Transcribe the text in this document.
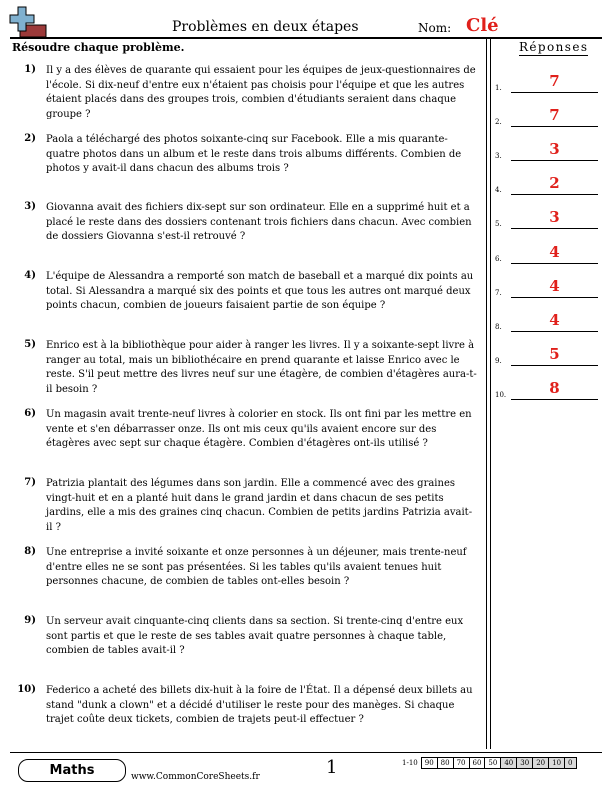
Problèmes en deux étapes	Nom: Clé
Résoudre chaque problème.
1) Il y a des élèves de quarante qui essaient pour les équipes de jeux-questionnaires de l'école. Si dix-neuf d'entre eux n'étaient pas choisis pour l'équipe et que les autres étaient placés dans des groupes trois, combien d'étudiants seraient dans chaque groupe ?
2) Paola a téléchargé des photos soixante-cinq sur Facebook. Elle a mis quarante-quatre photos dans un album et le reste dans trois albums différents. Combien de photos y avait-il dans chacun des albums trois ?
3) Giovanna avait des fichiers dix-sept sur son ordinateur. Elle en a supprimé huit et a placé le reste dans des dossiers contenant trois fichiers dans chacun. Avec combien de dossiers Giovanna s'est-il retrouvé ?
4) L'équipe de Alessandra a remporté son match de baseball et a marqué dix points au total. Si Alessandra a marqué six des points et que tous les autres ont marqué deux points chacun, combien de joueurs faisaient partie de son équipe ?
5) Enrico est à la bibliothèque pour aider à ranger les livres. Il y a soixante-sept livre à ranger au total, mais un bibliothécaire en prend quarante et laisse Enrico avec le reste. S'il peut mettre des livres neuf sur une étagère, de combien d'étagères aura-t-il besoin ?
6) Un magasin avait trente-neuf livres à colorier en stock. Ils ont fini par les mettre en vente et s'en débarrasser onze. Ils ont mis ceux qu'ils avaient encore sur des étagères avec sept sur chaque étagère. Combien d'étagères ont-ils utilisé ?
7) Patrizia plantait des légumes dans son jardin. Elle a commencé avec des graines vingt-huit et en a planté huit dans le grand jardin et dans chacun de ses petits jardins, elle a mis des graines cinq chacun. Combien de petits jardins Patrizia avait-il ?
8) Une entreprise a invité soixante et onze personnes à un déjeuner, mais trente-neuf d'entre elles ne se sont pas présentées. Si les tables qu'ils avaient tenues huit personnes chacune, de combien de tables ont-elles besoin ?
9) Un serveur avait cinquante-cinq clients dans sa section. Si trente-cinq d'entre eux sont partis et que le reste de ses tables avait quatre personnes à chaque table, combien de tables avait-il ?
10) Federico a acheté des billets dix-huit à la foire de l'État. Il a dépensé deux billets au stand "dunk a clown" et a décidé d'utiliser le reste pour des manèges. Si chaque trajet coûte deux tickets, combien de trajets peut-il effectuer ?
Réponses
1.	7
2.	7
3.	3
4.	2
5.	3
6.	4
7.	4
8.	4
9.	5
10.	8
Maths	www.CommonCoreSheets.fr	1	1-10	90	80	70	60	50	40	30	20	10	0
